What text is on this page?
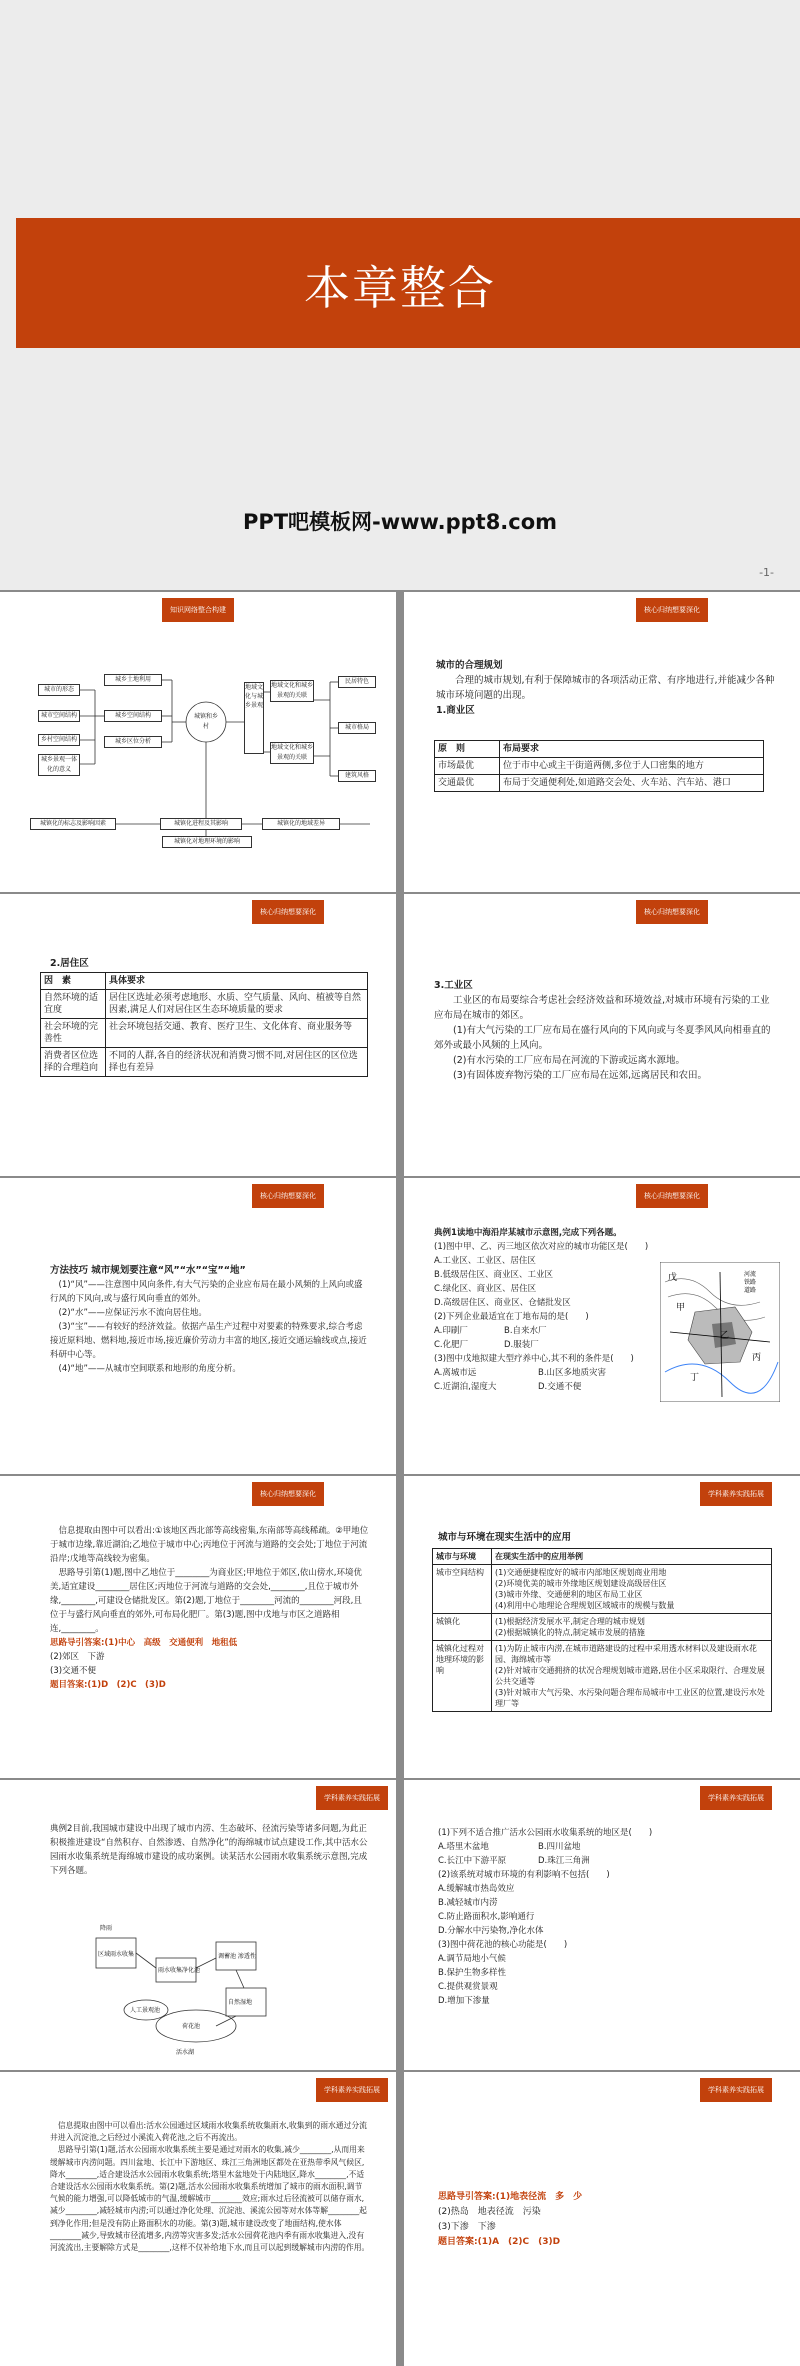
本章整合
PPT吧模板网-www.ppt8.com
-1-
知识网络整合构建
城镇和乡村
城市的形态
城市空间结构
乡村空间结构
城乡景观一体化的意义
城乡土地利用
城乡空间结构
城乡区位分析
地域文化与城乡景观
地域文化和城乡景观的关联
地域文化和城乡景观的关联
民居特色
城市格局
建筑风格
城镇化的标志及影响因素	城镇化进程及其影响	城镇化的地域差异
城镇化对地理环境的影响
核心归纳想要深化

城市的合理规划

合理的城市规划,有利于保障城市的各项活动正常、有序地进行,并能减少各种城市环境问题的出现。

1.商业区

原　则	布局要求
市场最优	位于市中心或主干街道两侧,多位于人口密集的地方
交通最优	布局于交通便利处,如道路交会处、火车站、汽车站、港口
核心归纳想要深化
2.居住区
因　素	具体要求
自然环境的适宜度	居住区选址必须考虑地形、水质、空气质量、风向、植被等自然因素,满足人们对居住区生态环境质量的要求
社会环境的完善性	社会环境包括交通、教育、医疗卫生、文化体育、商业服务等
消费者区位选择的合理趋向	不同的人群,各自的经济状况和消费习惯不同,对居住区的区位选择也有差异
核心归纳想要深化

3.工业区

工业区的布局要综合考虑社会经济效益和环境效益,对城市环境有污染的工业应布局在城市的郊区。

(1)有大气污染的工厂应布局在盛行风向的下风向或与冬夏季风风向相垂直的郊外或最小风频的上风向。

(2)有水污染的工厂应布局在河流的下游或远离水源地。

(3)有固体废弃物污染的工厂应布局在远郊,远离居民和农田。

核心归纳想要深化

方法技巧 城市规划要注意“风”“水”“宝”“地”

(1)“风”——注意图中风向条件,有大气污染的企业应布局在最小风频的上风向或盛行风的下风向,或与盛行风向垂直的郊外。

(2)“水”——应保证污水不流向居住地。

(3)“宝”——有较好的经济效益。依据产品生产过程中对要素的特殊要求,综合考虑接近原料地、燃料地,接近市场,接近廉价劳动力丰富的地区,接近交通运输线或点,接近科研中心等。

(4)“地”——从城市空间联系和地形的角度分析。

核心归纳想要深化

典例1读地中海沿岸某城市示意图,完成下列各题。

(1)图中甲、乙、丙三地区依次对应的城市功能区是(　　)

A.工业区、工业区、居住区

B.低级居住区、商业区、工业区

C.绿化区、商业区、居住区

D.高级居住区、商业区、仓储批发区

(2)下列企业最适宜在丁地布局的是(　　)

A.印刷厂	B.自来水厂

C.化肥厂	D.服装厂

(3)图中戊地拟建大型疗养中心,其不利的条件是(　　)

A.离城市远	B.山区多地质灾害

C.近湖泊,湿度大	D.交通不便

甲
乙
丙
丁
戊	河流
铁路
道路
核心归纳想要深化

信息提取由图中可以看出:①该地区西北部等高线密集,东南部等高线稀疏。②甲地位于城市边缘,靠近湖泊;乙地位于城市中心;丙地位于河流与道路的交会处;丁地位于河流沿岸;戊地等高线较为密集。

思路导引第(1)题,图中乙地位于________为商业区;甲地位于郊区,依山傍水,环境优美,适宜建设________居住区;丙地位于河流与道路的交会处,________,且位于城市外缘,________,可建设仓储批发区。第(2)题,丁地位于________河流的________河段,且位于与盛行风向垂直的郊外,可布局化肥厂。第(3)题,图中戊地与市区之道路相连,________。

思路导引答案:(1)中心　高级　交通便利　地租低

(2)郊区　下游

(3)交通不便

题目答案:(1)D　(2)C　(3)D

学科素养实践拓展
城市与环境在现实生活中的应用
城市与环境	在现实生活中的应用举例
城市空间结构	(1)交通便捷程度好的城市内部地区规划商业用地
(2)环境优美的城市外缘地区规划建设高级居住区
(3)城市外缘、交通便利的地区布局工业区
(4)利用中心地理论合理规划区域城市的规模与数量
城镇化	(1)根据经济发展水平,制定合理的城市规划
(2)根据城镇化的特点,制定城市发展的措施
城镇化过程对地理环境的影响	(1)为防止城市内涝,在城市道路建设的过程中采用透水材料以及建设雨水花园、海绵城市等
(2)针对城市交通拥挤的状况合理规划城市道路,居住小区采取限行、合理发展公共交通等
(3)针对城市大气污染、水污染问题合理布局城市中工业区的位置,建设污水处理厂等
学科素养实践拓展
典例2目前,我国城市建设中出现了城市内涝、生态破坏、径流污染等诸多问题,为此正积极推进建设“自然积存、自然渗透、自然净化”的海绵城市试点建设工作,其中活水公园雨水收集系统是海绵城市建设的成功案例。读某活水公园雨水收集系统示意图,完成下列各题。
降雨
区域雨水收集
雨水收集净化池
调蓄池 渗透性
自然湿地
人工景观池
荷花池
活水湖
学科素养实践拓展

(1)下列不适合推广活水公园雨水收集系统的地区是(　　)

A.塔里木盆地	B.四川盆地

C.长江中下游平原	D.珠江三角洲

(2)该系统对城市环境的有利影响不包括(　　)

A.缓解城市热岛效应

B.减轻城市内涝

C.防止路面积水,影响通行

D.分解水中污染物,净化水体

(3)图中荷花池的核心功能是(　　)

A.调节局地小气候

B.保护生物多样性

C.提供观赏景观

D.增加下渗量

学科素养实践拓展

信息提取由图中可以看出:活水公园通过区域雨水收集系统收集雨水,收集到的雨水通过分流井进入沉淀池,之后经过小溪流入荷花池,之后不再流出。

思路导引第(1)题,活水公园雨水收集系统主要是通过对雨水的收集,减少________,从而用来缓解城市内涝问题。四川盆地、长江中下游地区、珠江三角洲地区都处在亚热带季风气候区,降水________,适合建设活水公园雨水收集系统;塔里木盆地处于内陆地区,降水________,不适合建设活水公园雨水收集系统。第(2)题,活水公园雨水收集系统增加了城市的雨水面积,调节气候的能力增强,可以降低城市的气温,缓解城市________效应;雨水过后径流被可以储存雨水,减少________,减轻城市内涝;可以通过净化处理、沉淀池、溪流公园等对水体等解________起到净化作用;但是没有防止路面积水的功能。第(3)题,城市建设改变了地面结构,使水体________减少,导致城市径流增多,内涝等灾害多发;活水公园荷花池内季有雨水收集进入,没有河流流出,主要解除方式是________,这样不仅补给地下水,而且可以起到缓解城市内涝的作用。

学科素养实践拓展

思路导引答案:(1)地表径流　多　少

(2)热岛　地表径流　污染

(3)下渗　下渗

题目答案:(1)A　(2)C　(3)D
